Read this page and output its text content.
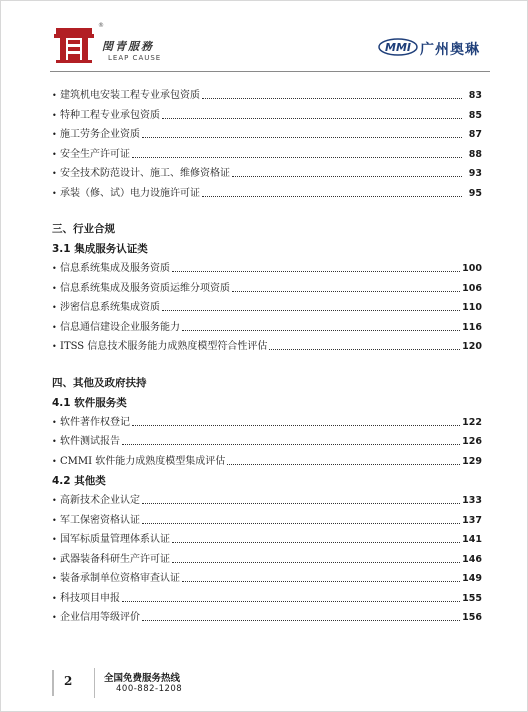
®
閏青服務
LEAP CAUSE
MMI 广州奥琳
• 建筑机电安装工程专业承包资质	83
• 特种工程专业承包资质	85
• 施工劳务企业资质	87
• 安全生产许可证	88
• 安全技术防范设计、施工、维修资格证	93
• 承装（修、试）电力设施许可证	95
三、行业合规
3.1 集成服务认证类
• 信息系统集成及服务资质	100
• 信息系统集成及服务资质运维分项资质	106
• 涉密信息系统集成资质	110
• 信息通信建设企业服务能力	116
• ITSS 信息技术服务能力成熟度模型符合性评估	120
四、其他及政府扶持
4.1 软件服务类
• 软件著作权登记	122
• 软件测试报告	126
• CMMI 软件能力成熟度模型集成评估	129
4.2 其他类
• 高新技术企业认定	133
• 军工保密资格认证	137
• 国军标质量管理体系认证	141
• 武器装备科研生产许可证	146
• 装备承制单位资格审查认证	149
• 科技项目申报	155
• 企业信用等级评价	156
2	全国免费服务热线
400-882-1208
